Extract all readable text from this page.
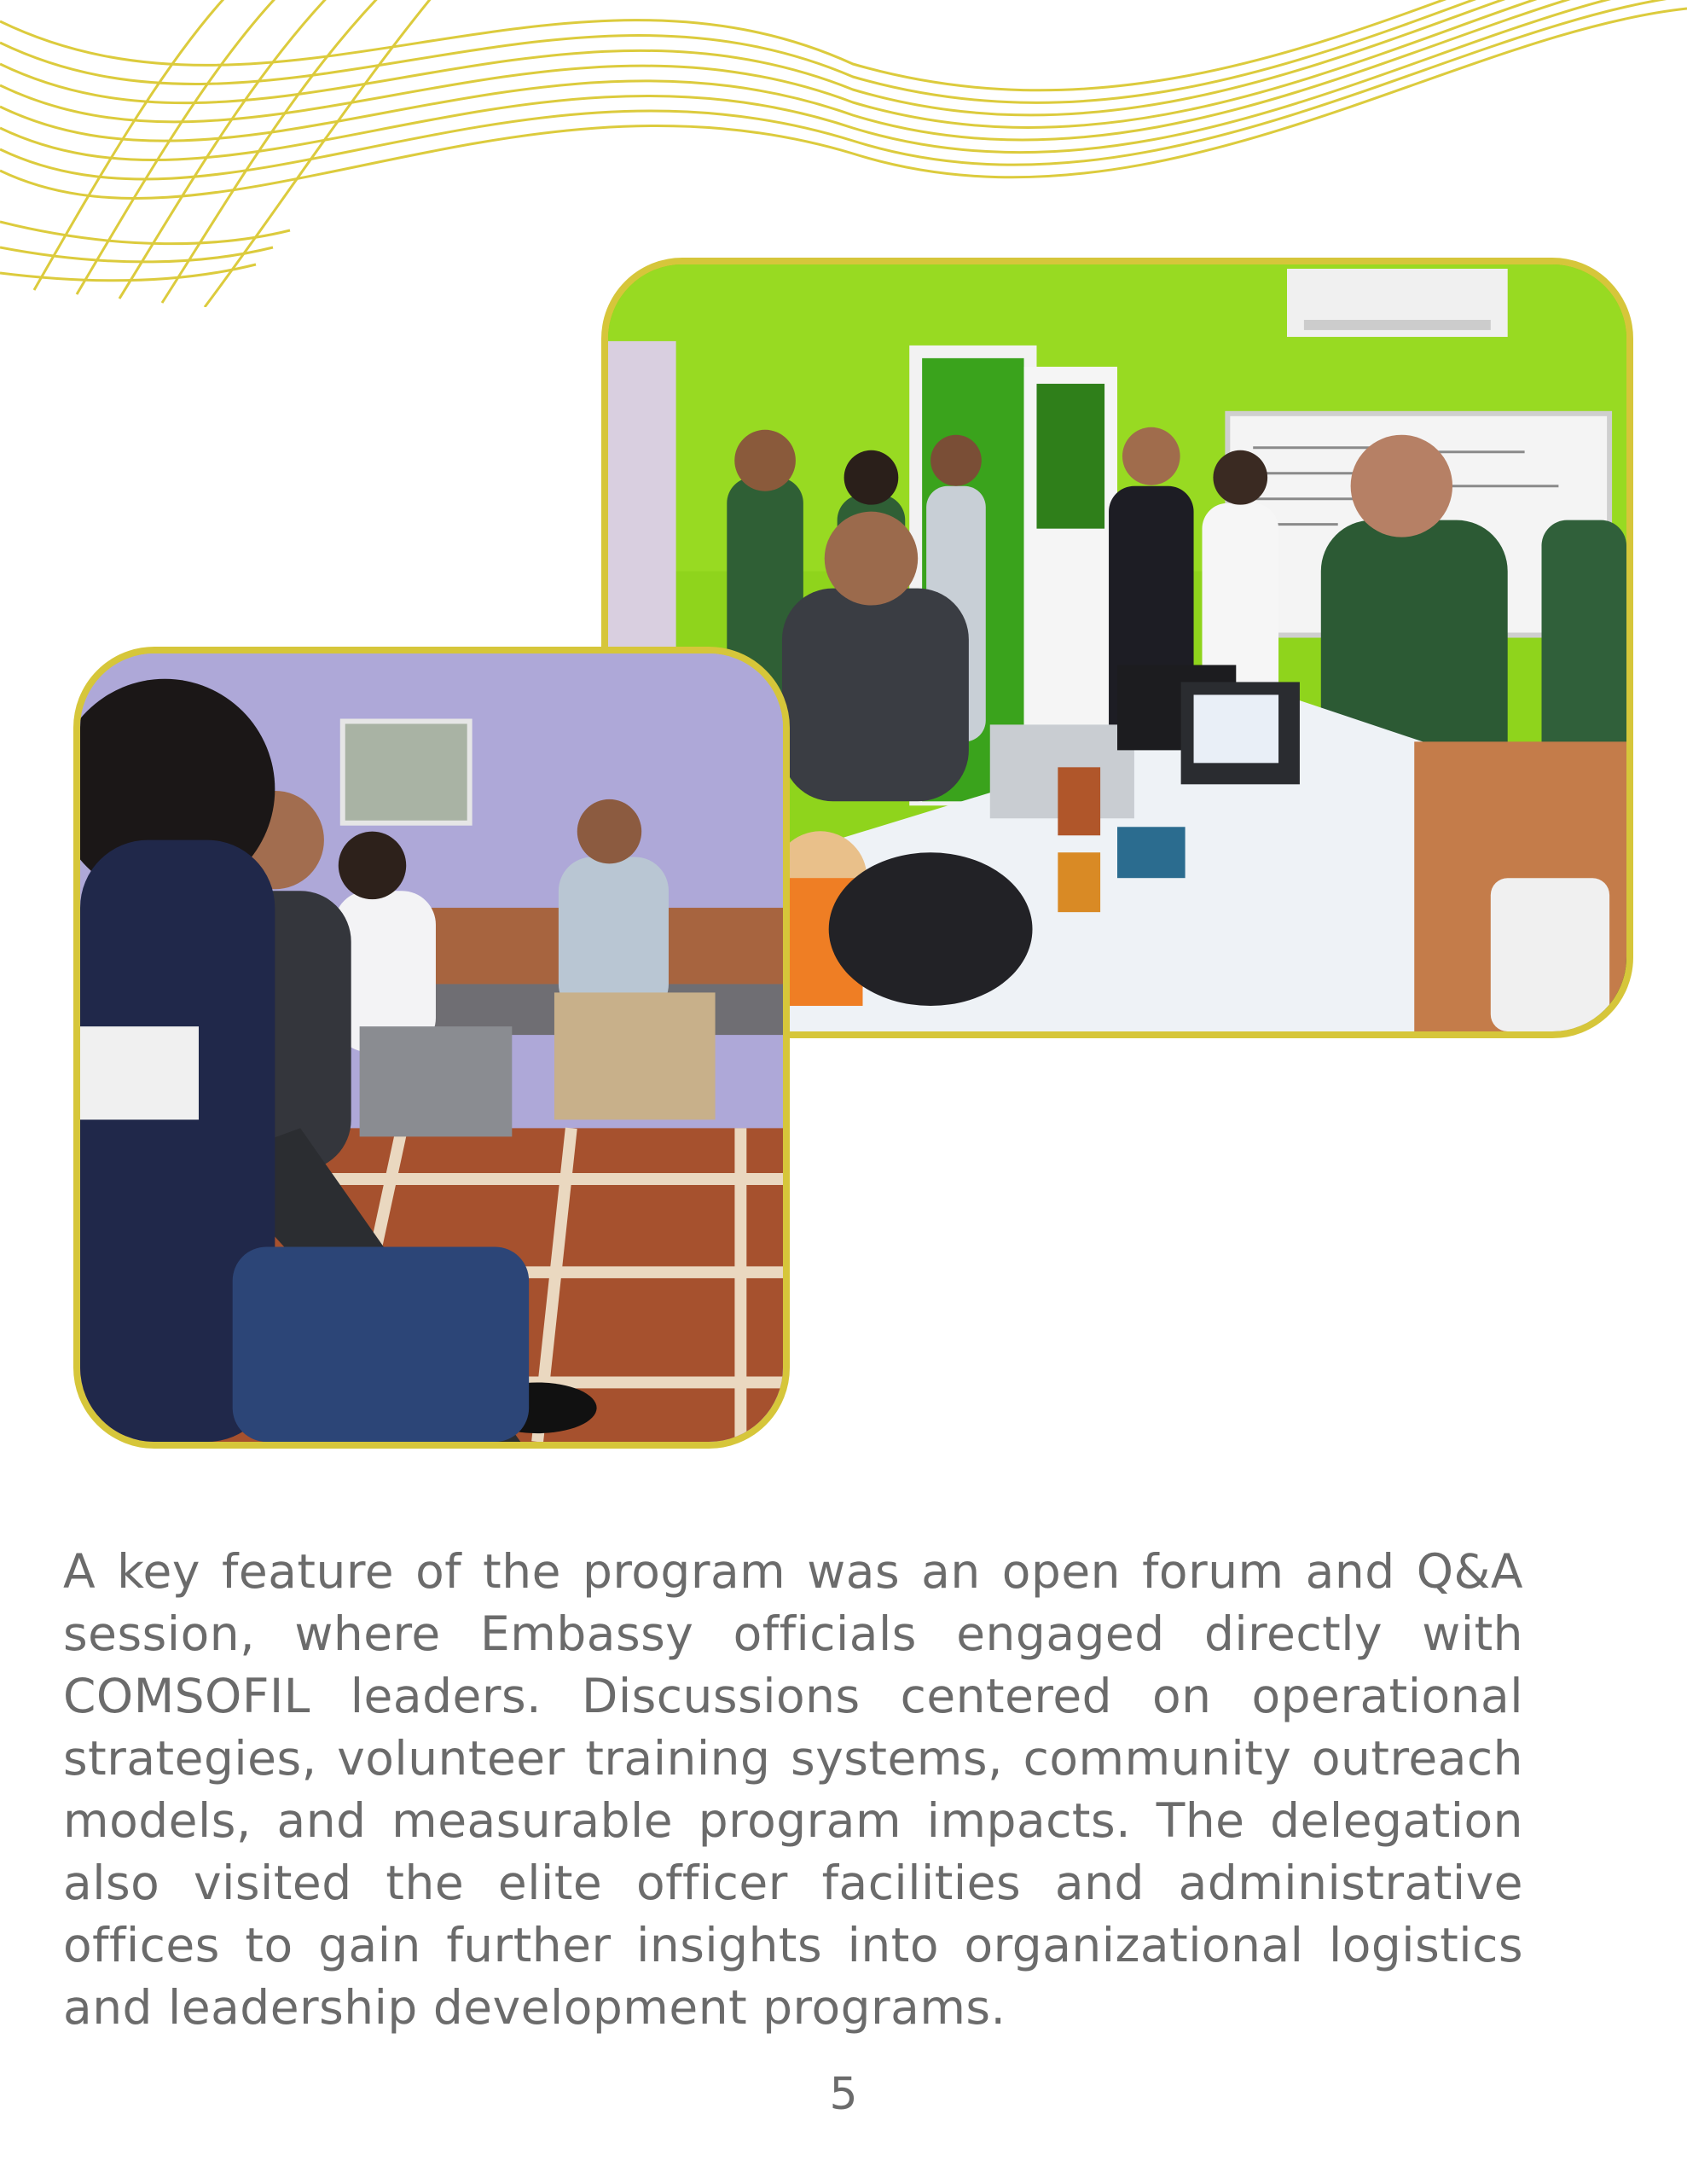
A key feature of the program was an open forum and Q&A session, where Embassy officials engaged directly with COMSOFIL leaders. Discussions centered on operational strategies, volunteer training systems, community outreach models, and measurable program impacts. The delegation also visited the elite officer facilities and administrative offices to gain further insights into organizational logistics and leadership development programs.

5
